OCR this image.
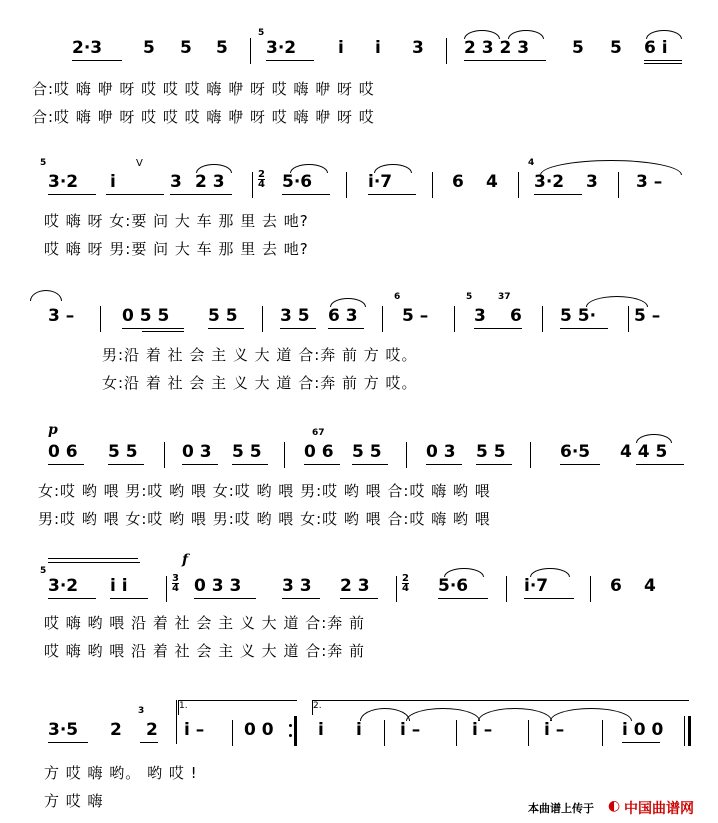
2·3 5 5 5
5
3·2 i i 3 2 3 2 3	5 5 6 i
合:哎 嗨 咿 呀 哎 哎 哎 嗨 咿 呀 哎 嗨 咿 呀 哎
合:哎 嗨 咿 呀 哎 哎 哎 嗨 咿 呀 哎 嗨 咿 呀 哎
5
3·2 i
V
3 2 3	2
4 5·6	i·7	6 4
4
3·2 3 3 –
哎 嗨 呀 女:要 问 大 车 那 里 去 吔?
哎 嗨 呀 男:要 问 大 车 那 里 去 吔?
3 –	0 5 5 5 5 3 5 6 3
6
5 –
5
3
37
6 5 5· 5 –
男:沿 着 社 会 主 义 大 道 合:奔 前 方 哎。
女:沿 着 社 会 主 义 大 道 合:奔 前 方 哎。
p
0 6 5 5	0 3 5 5
67
0 6 5 5	0 3 5 5	6·5 4 4 5
女:哎 哟 喂 男:哎 哟 喂 女:哎 哟 喂 男:哎 哟 喂 合:哎 嗨 哟 喂
男:哎 哟 喂 女:哎 哟 喂 男:哎 哟 喂 女:哎 哟 喂 合:哎 嗨 哟 喂
5
3·2 i i	3
4
f
0 3 3 3 3 2 3	2
4 5·6	i·7	6 4
哎 嗨 哟 喂 沿 着 社 会 主 义 大 道 合:奔 前
哎 嗨 哟 喂 沿 着 社 会 主 义 大 道 合:奔 前
3·5 2
3
2
1.
i – 0 0
2.
i i i –	i –	i –	i 0 0
方 哎 嗨 哟。 哟 哎 !
方 哎 嗨	本曲谱上传于 ◐ 中国曲谱网
